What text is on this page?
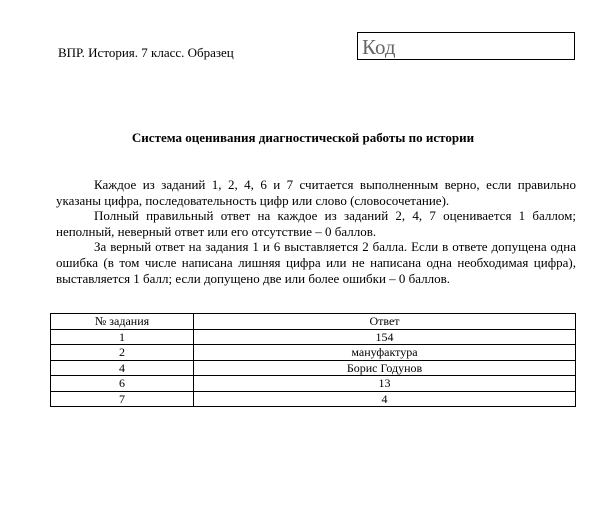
ВПР. История. 7 класс. Образец	Код
Система оценивания диагностической работы по истории

Каждое из заданий 1, 2, 4, 6 и 7 считается выполненным верно, если правильно указаны цифра, последовательность цифр или слово (словосочетание).

Полный правильный ответ на каждое из заданий 2, 4, 7 оценивается 1 баллом; неполный, неверный ответ или его отсутствие – 0 баллов.

За верный ответ на задания 1 и 6 выставляется 2 балла. Если в ответе допущена одна ошибка (в том числе написана лишняя цифра или не написана одна необходимая цифра), выставляется 1 балл; если допущено две или более ошибки – 0 баллов.

№ задания	Ответ
1	154
2	мануфактура
4	Борис Годунов
6	13
7	4
